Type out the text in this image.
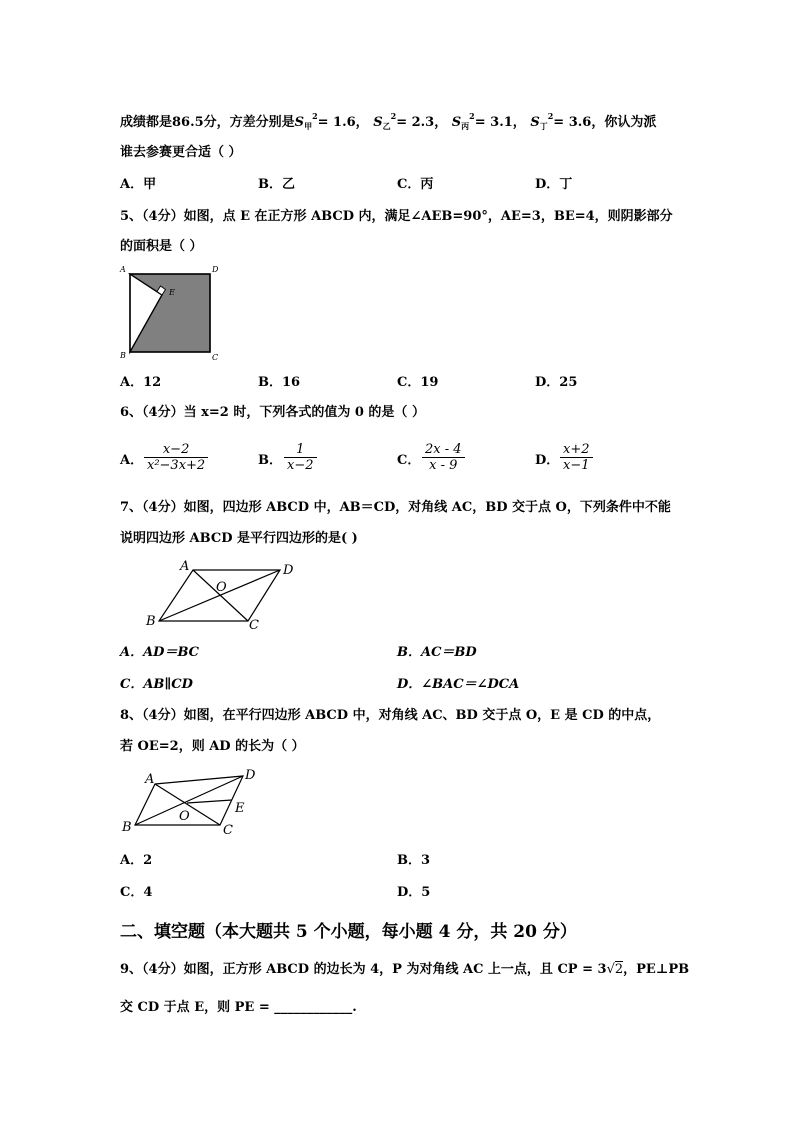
成绩都是86.5分，方差分别是$S_甲^2= 1.6$， $S_乙^2= 2.3$， $S_丙^2= 3.1$， $S_丁^2= 3.6$，你认为派
谁去参赛更合适（ ）
A．甲	B．乙	C．丙	D．丁
5、（4分）如图，点 E 在正方形 ABCD 内，满足∠AEB=90°，AE=3，BE=4，则阴影部分
的面积是（ ）
A	D
E
B	C
A．12	B．16	C．19	D．25
6、（4分）当 x=2 时，下列各式的值为 0 的是（ ）
A． $\frac{x-2}{\text{x²−3x+2}}$	B． $\frac{1}{x-2}$	C． $\frac{2x - 4}{x - 9}$	D． $\frac{x+2}{x-1}$
7、（4分）如图，四边形 ABCD 中，AB＝CD，对角线 AC，BD 交于点 O，下列条件中不能
说明四边形 ABCD 是平行四边形的是( )
A	D
O
B	C
A．AD＝BC	B．AC＝BD
C．AB∥CD	D．∠BAC＝∠DCA
8、（4分）如图，在平行四边形 ABCD 中，对角线 AC、BD 交于点 O，E 是 CD 的中点，
若 OE=2，则 AD 的长为（ ）
A	D
E
O
B	C
A．2	B．3
C．4	D．5
二、填空题（本大题共 5 个小题，每小题 4 分，共 20 分）
9、（4分）如图，正方形 ABCD 的边长为 4，P 为对角线 AC 上一点，且 CP = 3√2，PE⊥PB
交 CD 于点 E，则 PE = ____________.
